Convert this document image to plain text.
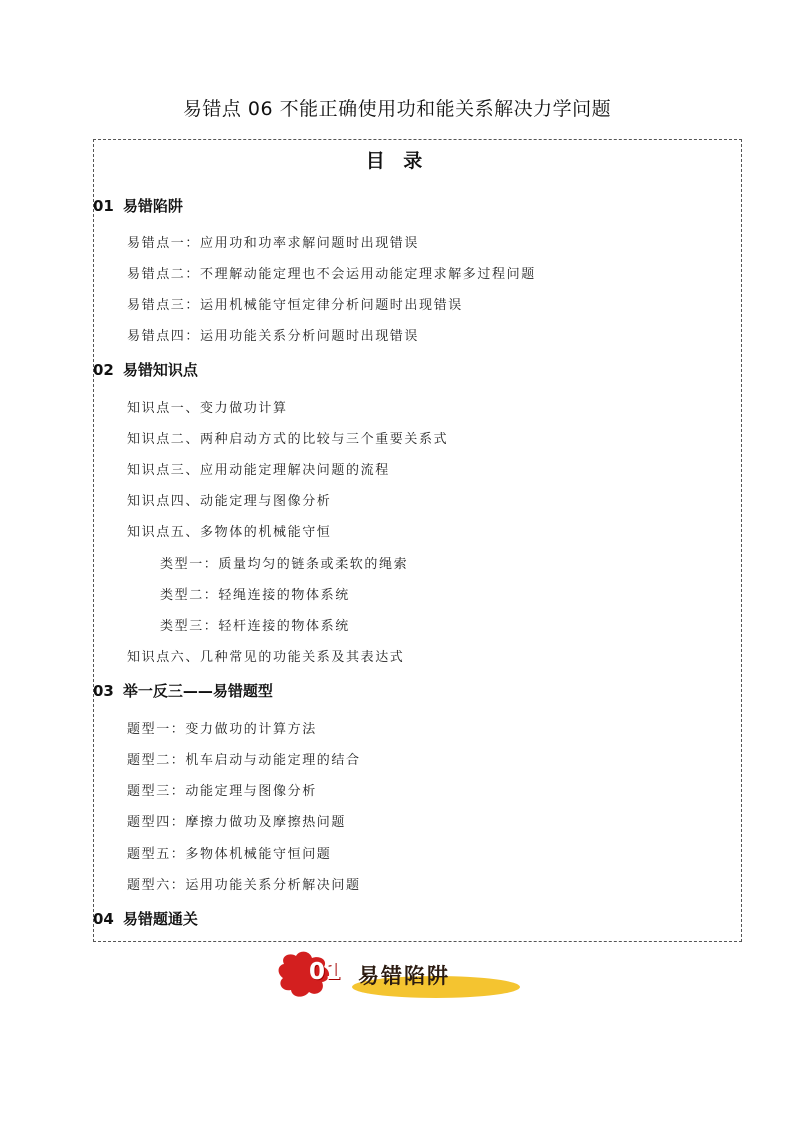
易错点 06 不能正确使用功和能关系解决力学问题
目 录
01 易错陷阱
易错点一：应用功和功率求解问题时出现错误
易错点二：不理解动能定理也不会运用动能定理求解多过程问题
易错点三：运用机械能守恒定律分析问题时出现错误
易错点四：运用功能关系分析问题时出现错误
02 易错知识点
知识点一、变力做功计算
知识点二、两种启动方式的比较与三个重要关系式
知识点三、应用动能定理解决问题的流程
知识点四、动能定理与图像分析
知识点五、多物体的机械能守恒
类型一：质量均匀的链条或柔软的绳索
类型二：轻绳连接的物体系统
类型三：轻杆连接的物体系统
知识点六、几种常见的功能关系及其表达式
03 举一反三——易错题型
题型一：变力做功的计算方法
题型二：机车启动与动能定理的结合
题型三：动能定理与图像分析
题型四：摩擦力做功及摩擦热问题
题型五：多物体机械能守恒问题
题型六：运用功能关系分析解决问题
04 易错题通关
01 易错陷阱
